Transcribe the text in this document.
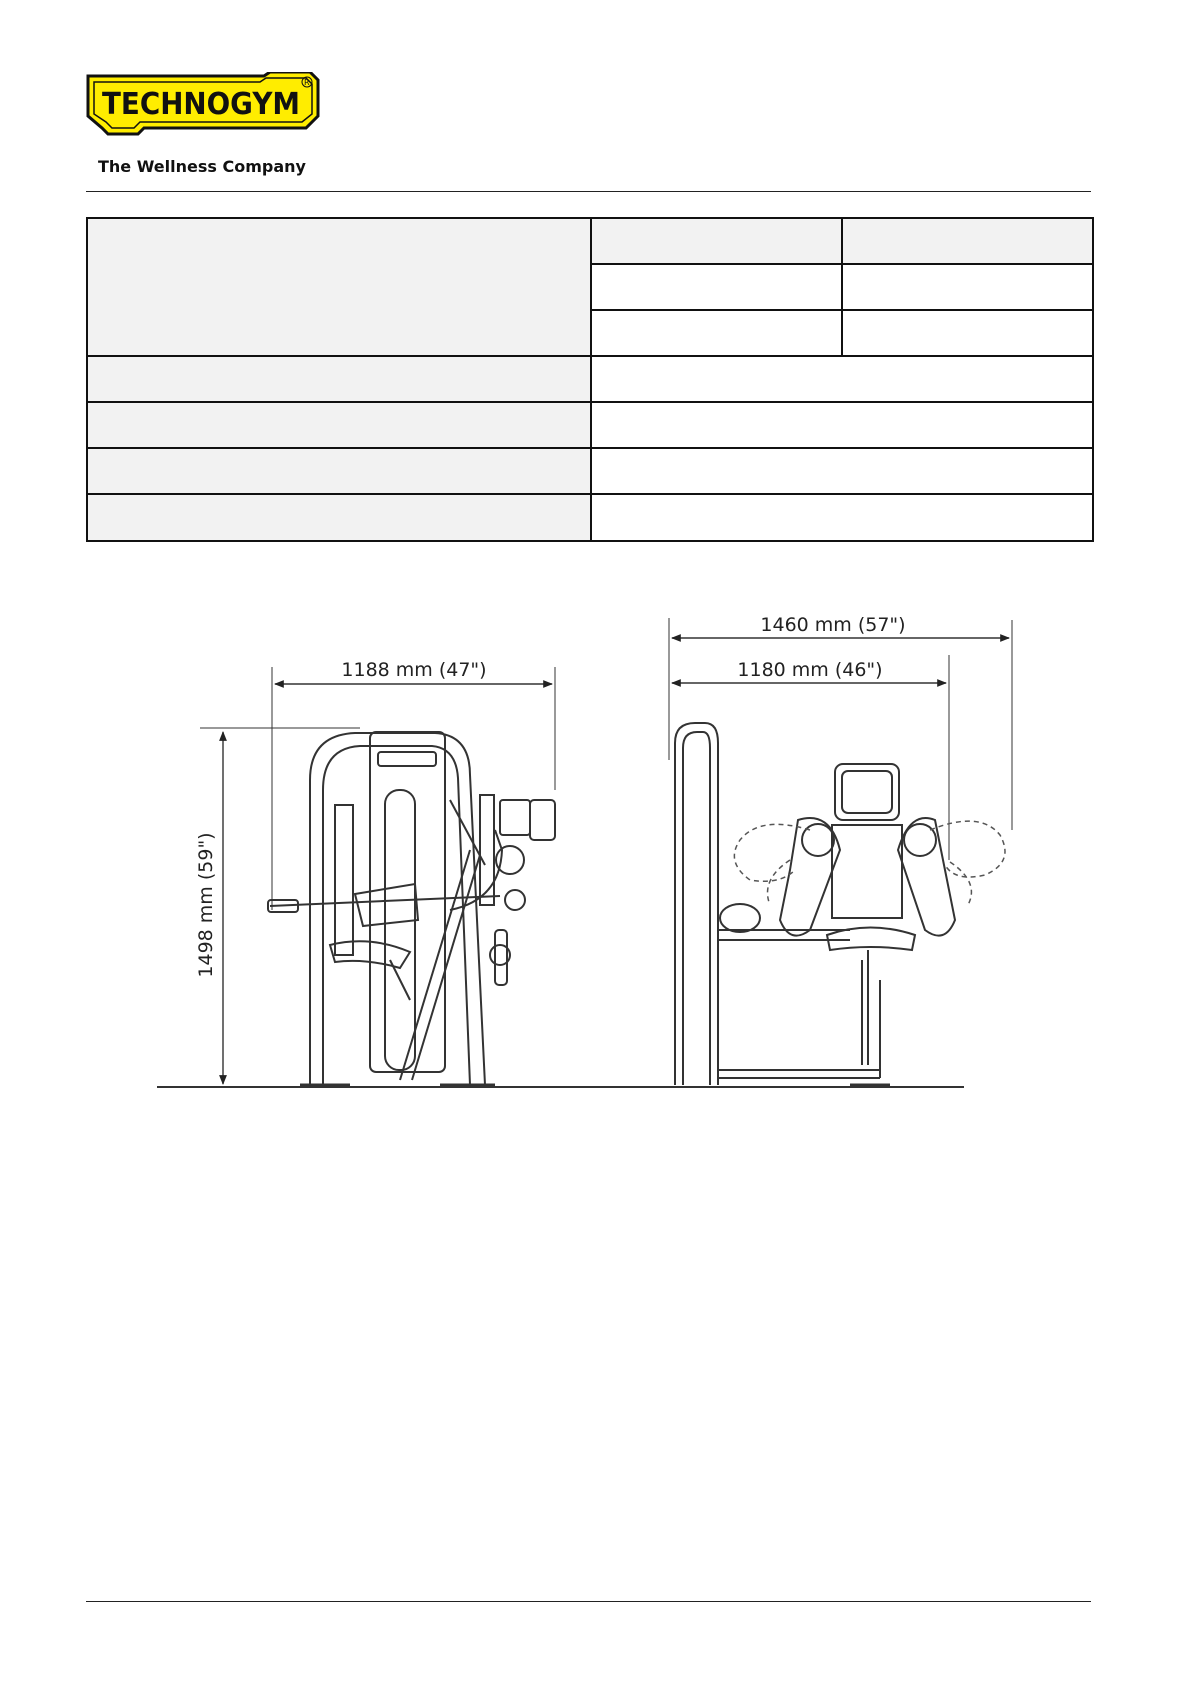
TECHNOGYM
R
The Wellness Company

1188 mm (47")
1498 mm (59")
1460 mm (57")
1180 mm (46")
